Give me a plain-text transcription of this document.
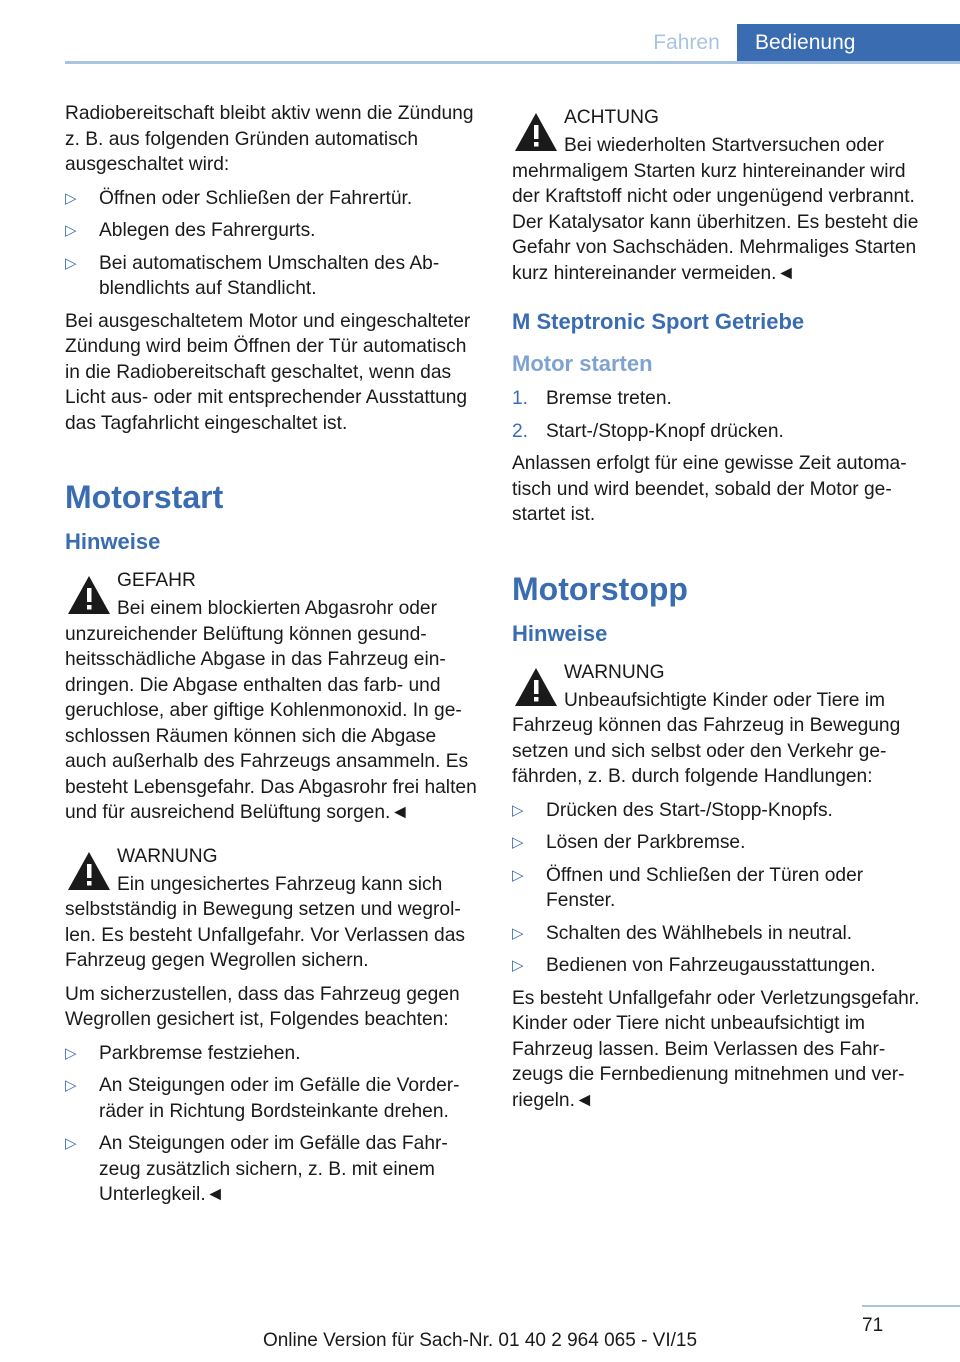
Fahren	Bedienung

Radiobereitschaft bleibt aktiv wenn die Zündung z. B. aus folgenden Gründen automatisch ausgeschaltet wird:

▷	Öffnen oder Schließen der Fahrertür.
▷	Ablegen des Fahrergurts.
▷	Bei automatischem Umschalten des Abblendlichts auf Standlicht.

Bei ausgeschaltetem Motor und eingeschalteter Zündung wird beim Öffnen der Tür automatisch in die Radiobereitschaft geschaltet, wenn das Licht aus- oder mit entsprechender Ausstattung das Tagfahrlicht eingeschaltet ist.

Motorstart
Hinweise
GEFAHR
Bei einem blockierten Abgasrohr oder
unzureichender Belüftung können gesundheitsschädliche Abgase in das Fahrzeug eindringen. Die Abgase enthalten das farb- und geruchlose, aber giftige Kohlenmonoxid. In geschlossen Räumen können sich die Abgase auch außerhalb des Fahrzeugs ansammeln. Es besteht Lebensgefahr. Das Abgasrohr frei halten und für ausreichend Belüftung sorgen.◄
WARNUNG
Ein ungesichertes Fahrzeug kann sich
selbstständig in Bewegung setzen und wegrollen. Es besteht Unfallgefahr. Vor Verlassen das Fahrzeug gegen Wegrollen sichern.

Um sicherzustellen, dass das Fahrzeug gegen Wegrollen gesichert ist, Folgendes beachten:

▷	Parkbremse festziehen.
▷	An Steigungen oder im Gefälle die Vorderräder in Richtung Bordsteinkante drehen.
▷	An Steigungen oder im Gefälle das Fahrzeug zusätzlich sichern, z. B. mit einem Unterlegkeil.◄
ACHTUNG
Bei wiederholten Startversuchen oder
mehrmaligem Starten kurz hintereinander wird der Kraftstoff nicht oder ungenügend verbrannt. Der Katalysator kann überhitzen. Es besteht die Gefahr von Sachschäden. Mehrmaliges Starten kurz hintereinander vermeiden.◄
M Steptronic Sport Getriebe
Motor starten
1. Bremse treten.
2. Start-/Stopp-Knopf drücken.

Anlassen erfolgt für eine gewisse Zeit automatisch und wird beendet, sobald der Motor gestartet ist.

Motorstopp
Hinweise
WARNUNG
Unbeaufsichtigte Kinder oder Tiere im
Fahrzeug können das Fahrzeug in Bewegung setzen und sich selbst oder den Verkehr gefährden, z. B. durch folgende Handlungen:
▷	Drücken des Start-/Stopp-Knopfs.
▷	Lösen der Parkbremse.
▷	Öffnen und Schließen der Türen oder Fenster.
▷	Schalten des Wählhebels in neutral.
▷	Bedienen von Fahrzeugausstattungen.

Es besteht Unfallgefahr oder Verletzungsgefahr. Kinder oder Tiere nicht unbeaufsichtigt im Fahrzeug lassen. Beim Verlassen des Fahrzeugs die Fernbedienung mitnehmen und verriegeln.◄

71
Online Version für Sach-Nr. 01 40 2 964 065 - VI/15
